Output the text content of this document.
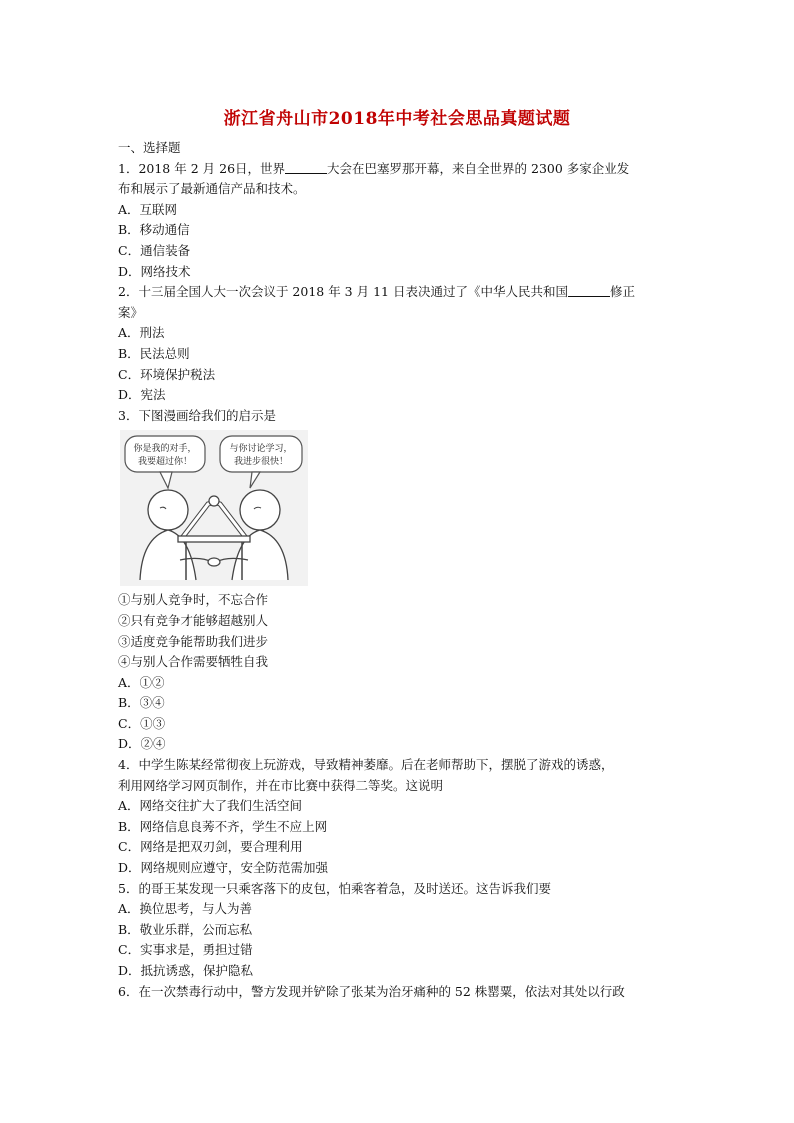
浙江省舟山市2018年中考社会思品真题试题
一、选择题
1．2018 年 2 月 26日，世界	大会在巴塞罗那开幕，来自全世界的 2300 多家企业发
布和展示了最新通信产品和技术。
A．互联网
B．移动通信
C．通信装备
D．网络技术
2．十三届全国人大一次会议于 2018 年 3 月 11 日表决通过了《中华人民共和国	修正
案》
A．刑法
B．民法总则
C．环境保护税法
D．宪法
3．下图漫画给我们的启示是
你是我的对手，
我要超过你！
与你讨论学习，
我进步很快！
①与别人竞争时，不忘合作
②只有竞争才能够超越别人
③适度竞争能帮助我们进步
④与别人合作需要牺牲自我
A．①②
B．③④
C．①③
D．②④
4．中学生陈某经常彻夜上玩游戏，导致精神萎靡。后在老师帮助下，摆脱了游戏的诱惑，
利用网络学习网页制作，并在市比赛中获得二等奖。这说明
A．网络交往扩大了我们生活空间
B．网络信息良莠不齐，学生不应上网
C．网络是把双刃剑，要合理利用
D．网络规则应遵守，安全防范需加强
5．的哥王某发现一只乘客落下的皮包，怕乘客着急，及时送还。这告诉我们要
A．换位思考，与人为善
B．敬业乐群，公而忘私
C．实事求是，勇担过错
D．抵抗诱惑，保护隐私
6．在一次禁毒行动中，警方发现并铲除了张某为治牙痛种的 52 株罂粟，依法对其处以行政
